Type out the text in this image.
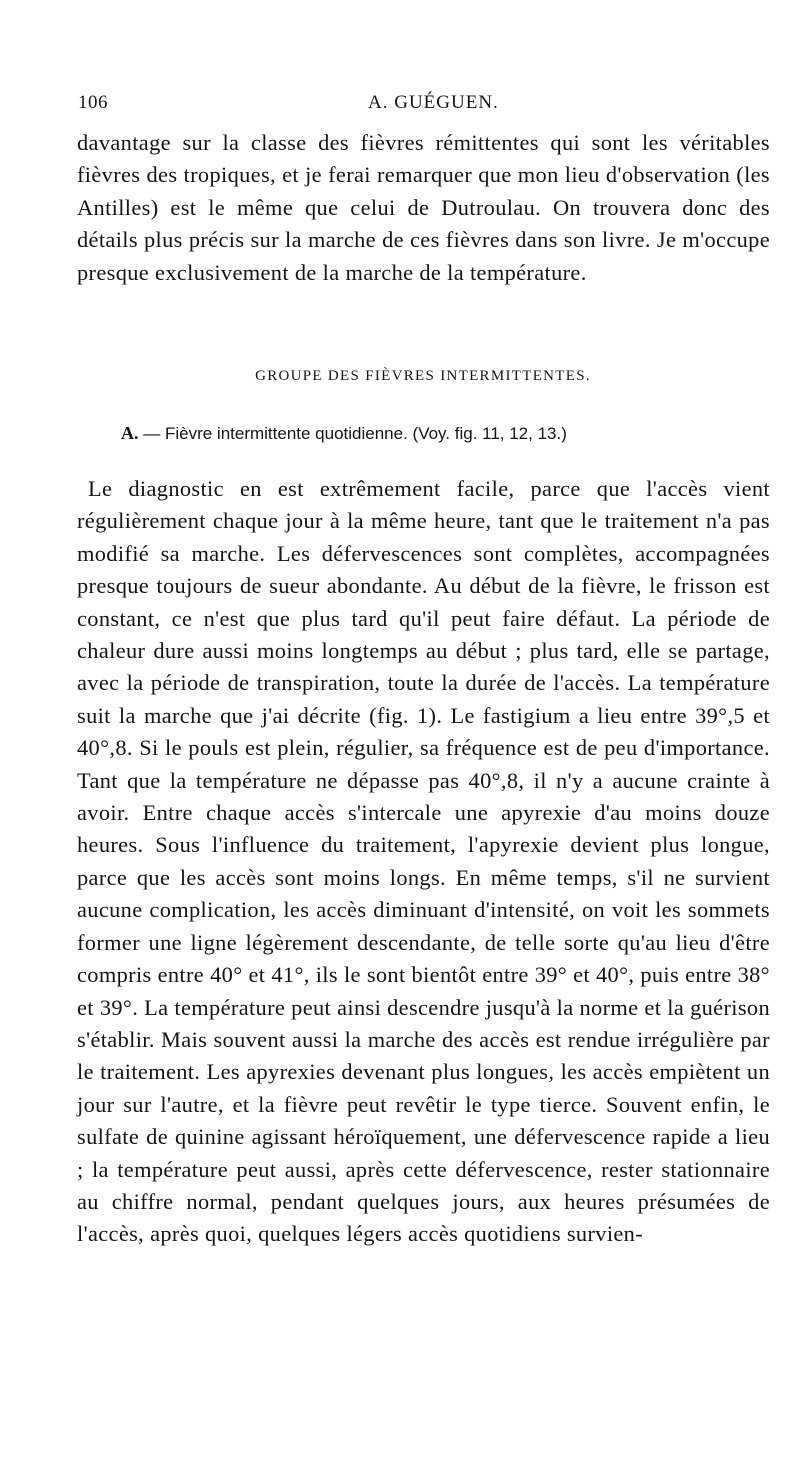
106	A. GUÉGUEN.

davantage sur la classe des fièvres rémittentes qui sont les véritables fièvres des tropiques, et je ferai remarquer que mon lieu d'observation (les Antilles) est le même que celui de Dutroulau. On trouvera donc des détails plus précis sur la marche de ces fièvres dans son livre. Je m'occupe presque exclusivement de la marche de la température.

GROUPE DES FIÈVRES INTERMITTENTES.

A. — Fièvre intermittente quotidienne. (Voy. fig. 11, 12, 13.)

Le diagnostic en est extrêmement facile, parce que l'accès vient régulièrement chaque jour à la même heure, tant que le traitement n'a pas modifié sa marche. Les défervescences sont complètes, accompagnées presque toujours de sueur abondante. Au début de la fièvre, le frisson est constant, ce n'est que plus tard qu'il peut faire défaut. La période de chaleur dure aussi moins longtemps au début ; plus tard, elle se partage, avec la période de transpiration, toute la durée de l'accès. La température suit la marche que j'ai décrite (fig. 1). Le fastigium a lieu entre 39°,5 et 40°,8. Si le pouls est plein, régulier, sa fréquence est de peu d'importance. Tant que la température ne dépasse pas 40°,8, il n'y a aucune crainte à avoir. Entre chaque accès s'intercale une apyrexie d'au moins douze heures. Sous l'influence du traitement, l'apyrexie devient plus longue, parce que les accès sont moins longs. En même temps, s'il ne survient aucune complication, les accès diminuant d'intensité, on voit les sommets former une ligne légèrement descendante, de telle sorte qu'au lieu d'être compris entre 40° et 41°, ils le sont bientôt entre 39° et 40°, puis entre 38° et 39°. La température peut ainsi descendre jusqu'à la norme et la guérison s'établir. Mais souvent aussi la marche des accès est rendue irrégulière par le traitement. Les apyrexies devenant plus longues, les accès empiètent un jour sur l'autre, et la fièvre peut revêtir le type tierce. Souvent enfin, le sulfate de quinine agissant héroïquement, une défervescence rapide a lieu ; la température peut aussi, après cette défervescence, rester stationnaire au chiffre normal, pendant quelques jours, aux heures présumées de l'accès, après quoi, quelques légers accès quotidiens survien-
